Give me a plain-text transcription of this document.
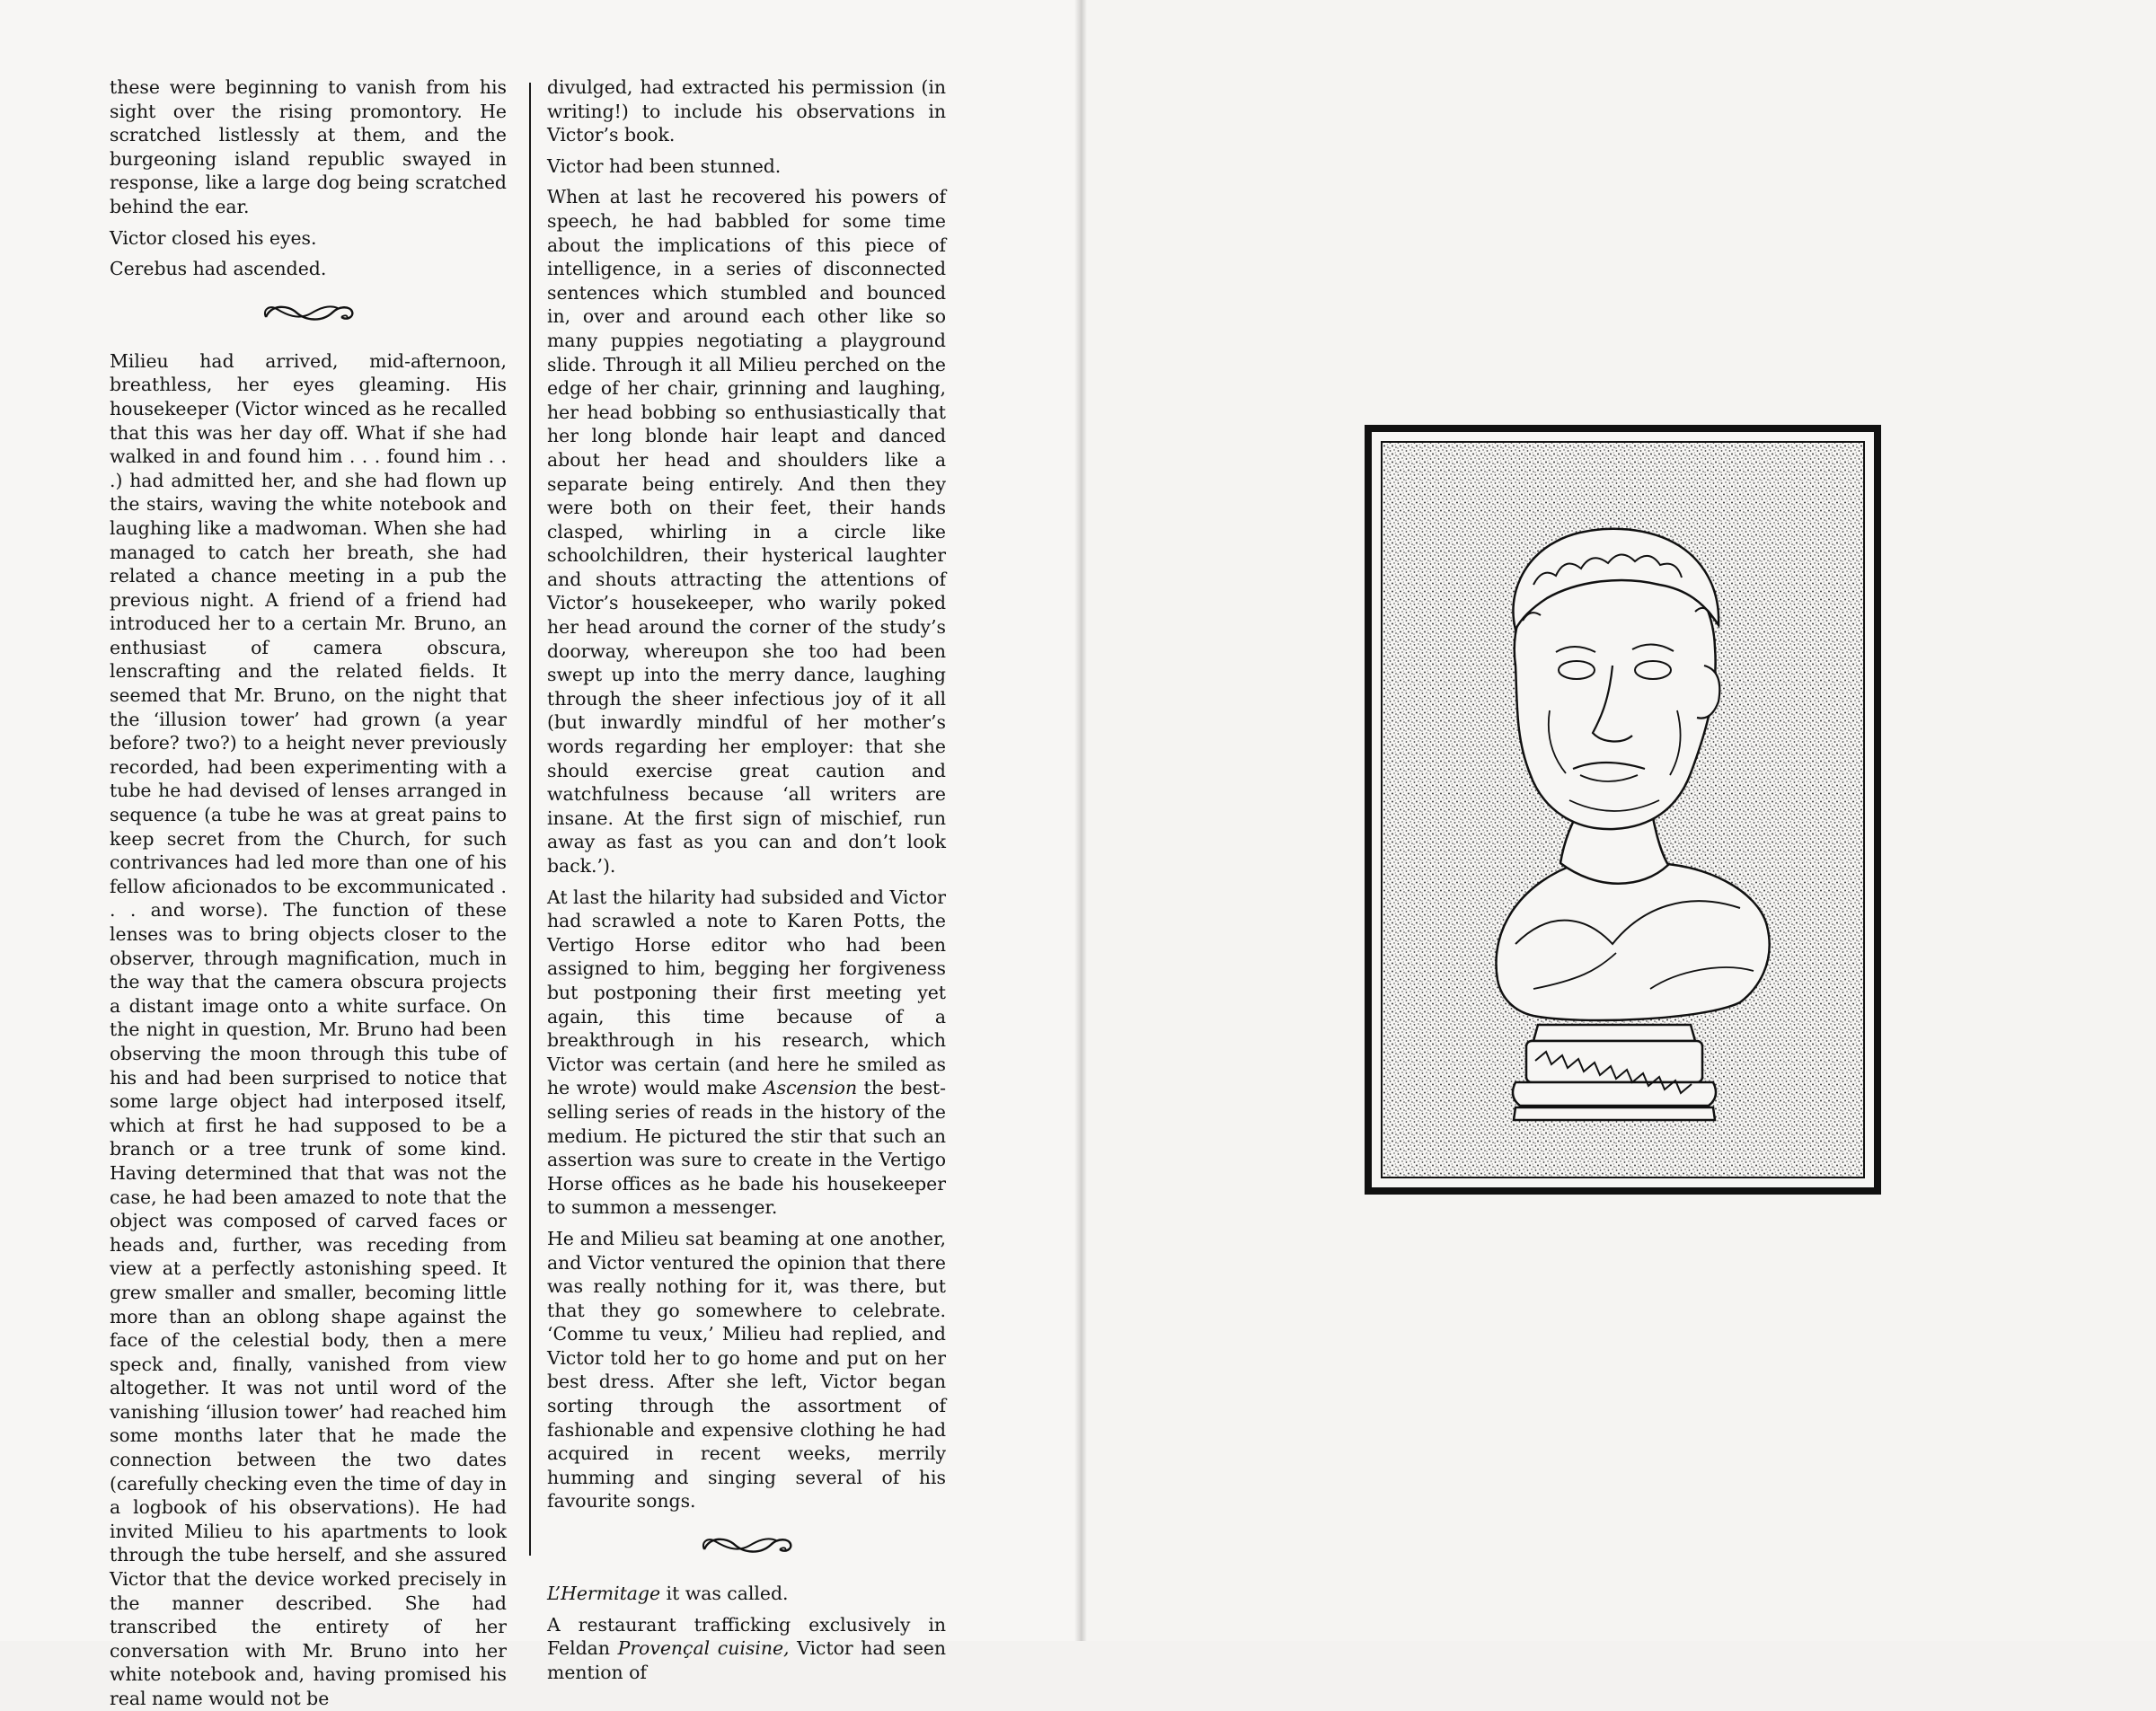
these were beginning to vanish from his sight over the rising promontory. He scratched listlessly at them, and the burgeoning island republic swayed in response, like a large dog being scratched behind the ear.

Victor closed his eyes.

Cerebus had ascended.

Milieu had arrived, mid-afternoon, breathless, her eyes gleaming. His housekeeper (Victor winced as he recalled that this was her day off. What if she had walked in and found him . . . found him . . .) had admitted her, and she had flown up the stairs, waving the white notebook and laughing like a madwoman. When she had managed to catch her breath, she had related a chance meeting in a pub the previous night. A friend of a friend had introduced her to a certain Mr. Bruno, an enthusiast of camera obscura, lenscrafting and the related fields. It seemed that Mr. Bruno, on the night that the ‘illusion tower’ had grown (a year before? two?) to a height never previously recorded, had been experimenting with a tube he had devised of lenses arranged in sequence (a tube he was at great pains to keep secret from the Church, for such contrivances had led more than one of his fellow aficionados to be excommunicated . . . and worse). The function of these lenses was to bring objects closer to the observer, through magnification, much in the way that the camera obscura projects a distant image onto a white surface. On the night in question, Mr. Bruno had been observing the moon through this tube of his and had been surprised to notice that some large object had interposed itself, which at first he had supposed to be a branch or a tree trunk of some kind. Having determined that that was not the case, he had been amazed to note that the object was composed of carved faces or heads and, further, was receding from view at a perfectly astonishing speed. It grew smaller and smaller, becoming little more than an oblong shape against the face of the celestial body, then a mere speck and, finally, vanished from view altogether. It was not until word of the vanishing ‘illusion tower’ had reached him some months later that he made the connection between the two dates (carefully checking even the time of day in a logbook of his observations). He had invited Milieu to his apartments to look through the tube herself, and she assured Victor that the device worked precisely in the manner described. She had transcribed the entirety of her conversation with Mr. Bruno into her white notebook and, having promised his real name would not be

divulged, had extracted his permission (in writing!) to include his observations in Victor’s book.

Victor had been stunned.

When at last he recovered his powers of speech, he had babbled for some time about the implications of this piece of intelligence, in a series of disconnected sentences which stumbled and bounced in, over and around each other like so many puppies negotiating a playground slide. Through it all Milieu perched on the edge of her chair, grinning and laughing, her head bobbing so enthusiastically that her long blonde hair leapt and danced about her head and shoulders like a separate being entirely. And then they were both on their feet, their hands clasped, whirling in a circle like schoolchildren, their hysterical laughter and shouts attracting the attentions of Victor’s housekeeper, who warily poked her head around the corner of the study’s doorway, whereupon she too had been swept up into the merry dance, laughing through the sheer infectious joy of it all (but inwardly mindful of her mother’s words regarding her employer: that she should exercise great caution and watchfulness because ‘all writers are insane. At the first sign of mischief, run away as fast as you can and don’t look back.’).

At last the hilarity had subsided and Victor had scrawled a note to Karen Potts, the Vertigo Horse editor who had been assigned to him, begging her forgiveness but postponing their first meeting yet again, this time because of a breakthrough in his research, which Victor was certain (and here he smiled as he wrote) would make Ascension the best-selling series of reads in the history of the medium. He pictured the stir that such an assertion was sure to create in the Vertigo Horse offices as he bade his housekeeper to summon a messenger.

He and Milieu sat beaming at one another, and Victor ventured the opinion that there was really nothing for it, was there, but that they go somewhere to celebrate. ‘Comme tu veux,’ Milieu had replied, and Victor told her to go home and put on her best dress. After she left, Victor began sorting through the assortment of fashionable and expensive clothing he had acquired in recent weeks, merrily humming and singing several of his favourite songs.

L’Hermitage it was called.

A restaurant trafficking exclusively in Feldan Provençal cuisine, Victor had seen mention of
